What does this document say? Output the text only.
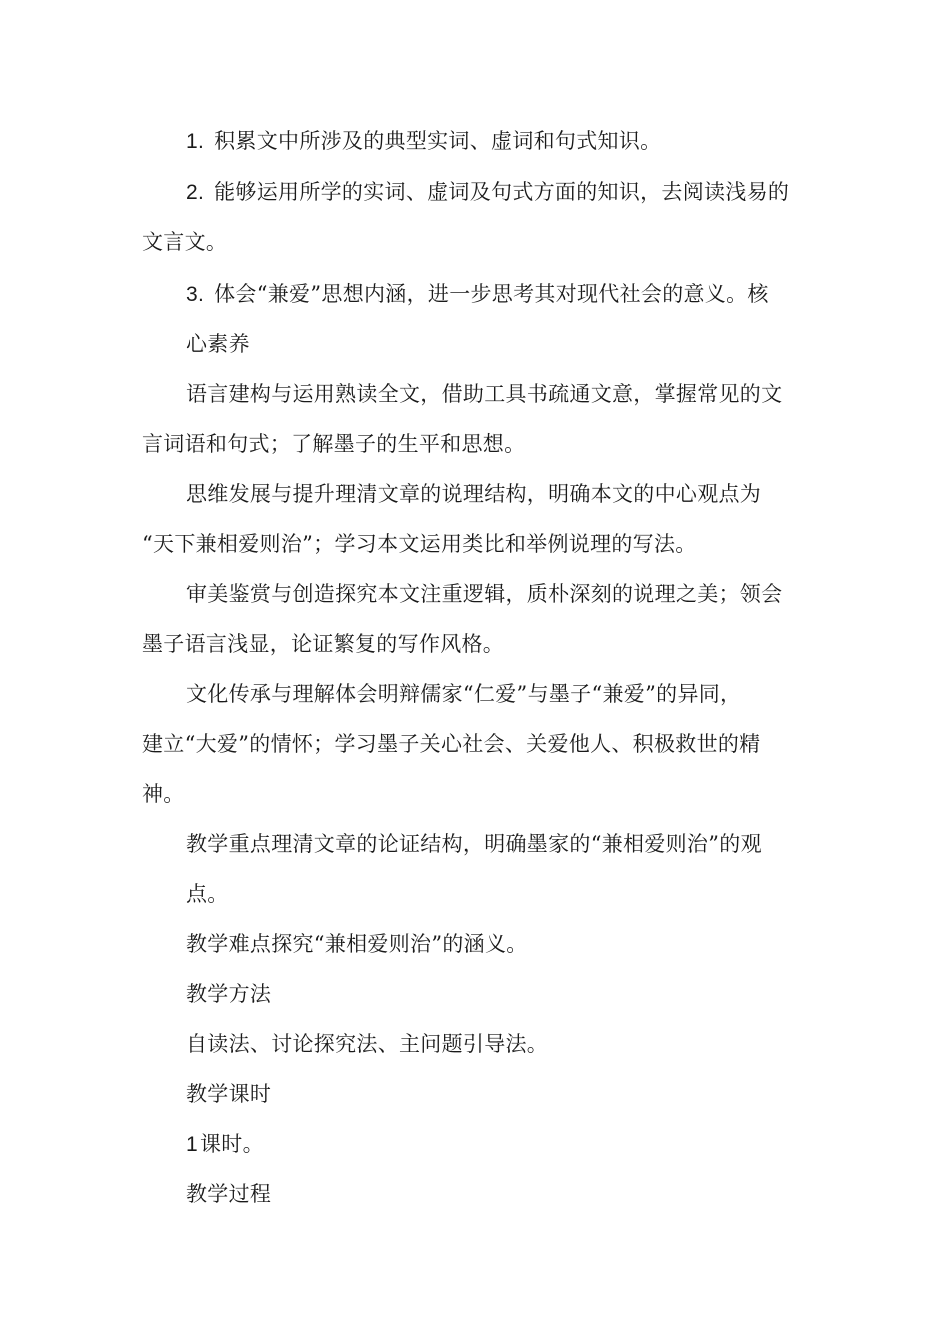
1. 积累文中所涉及的典型实词、虚词和句式知识。
2. 能够运用所学的实词、虚词及句式方面的知识，去阅读浅易的
文言文。
3. 体会“兼爱”思想内涵，进一步思考其对现代社会的意义。核
心素养
语言建构与运用熟读全文，借助工具书疏通文意，掌握常见的文
言词语和句式；了解墨子的生平和思想。
思维发展与提升理清文章的说理结构，明确本文的中心观点为
“天下兼相爱则治”；学习本文运用类比和举例说理的写法。
审美鉴赏与创造探究本文注重逻辑，质朴深刻的说理之美；领会
墨子语言浅显，论证繁复的写作风格。
文化传承与理解体会明辩儒家“仁爱”与墨子“兼爱”的异同，
建立“大爱”的情怀；学习墨子关心社会、关爱他人、积极救世的精
神。
教学重点理清文章的论证结构，明确墨家的“兼相爱则治”的观
点。
教学难点探究“兼相爱则治”的涵义。
教学方法
自读法、讨论探究法、主问题引导法。
教学课时
1课时。
教学过程
